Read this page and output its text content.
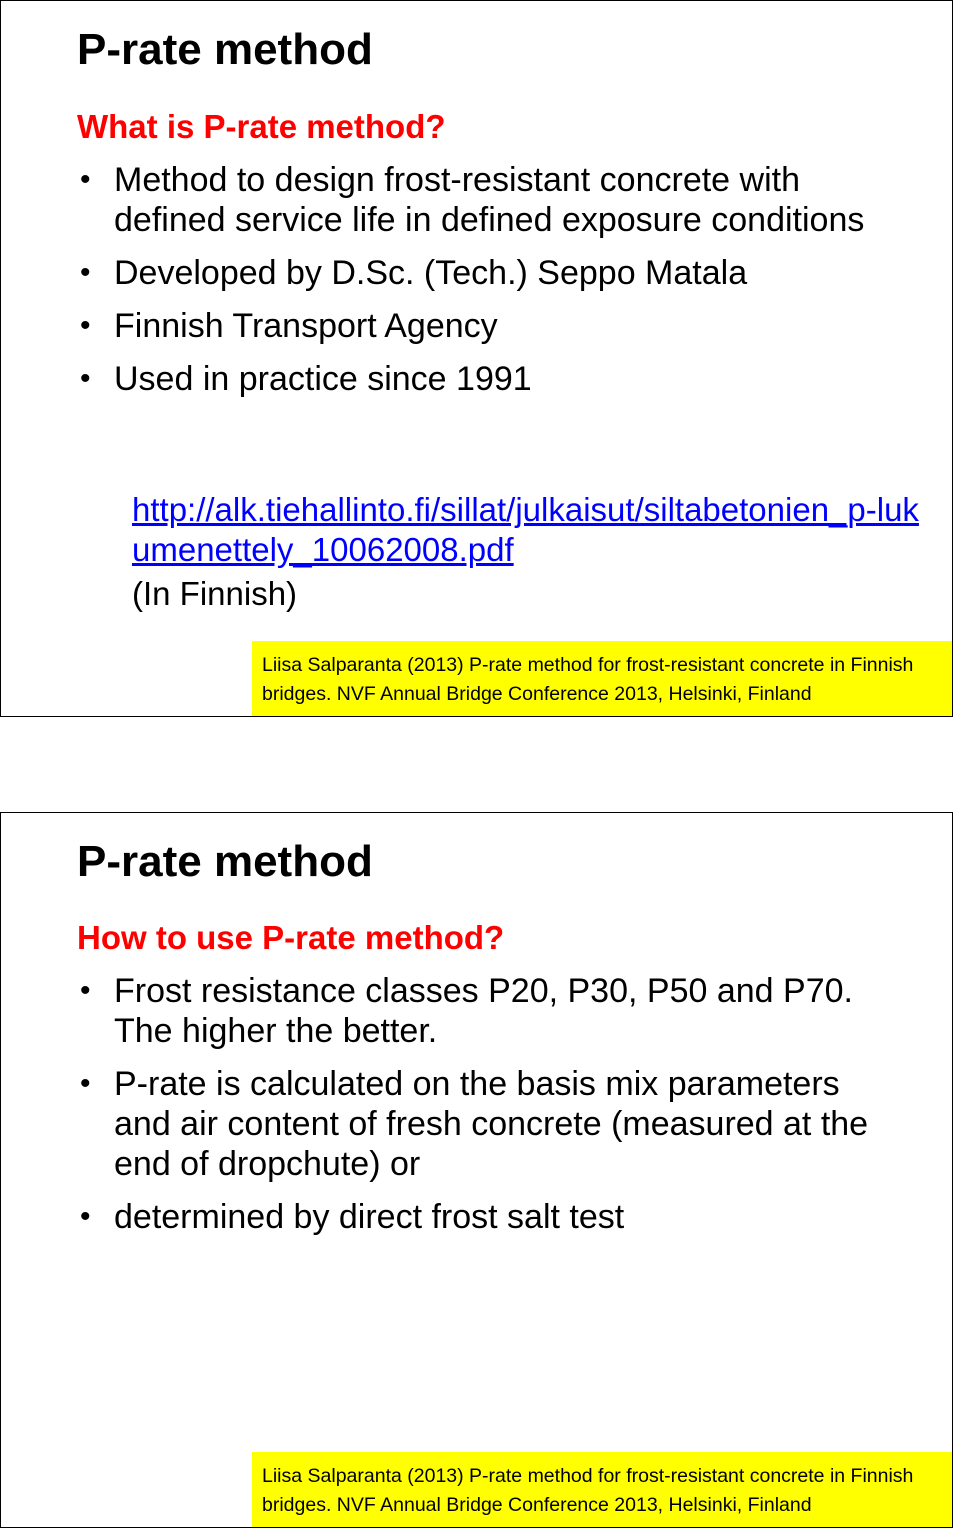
P-rate method
What is P-rate method?
• Method to design frost-resistant concrete with defined service life in defined exposure conditions
• Developed by D.Sc. (Tech.) Seppo Matala
• Finnish Transport Agency
• Used in practice since 1991
http://alk.tiehallinto.fi/sillat/julkaisut/siltabetonien_p-lukumenettely_10062008.pdf

(In Finnish)

Liisa Salparanta (2013) P-rate method for frost-resistant concrete in Finnish bridges. NVF Annual Bridge Conference 2013, Helsinki, Finland
P-rate method
How to use P-rate method?
• Frost resistance classes P20, P30, P50 and P70. The higher the better.
• P-rate is calculated on the basis mix parameters and air content of fresh concrete (measured at the end of dropchute) or
• determined by direct frost salt test
Liisa Salparanta (2013) P-rate method for frost-resistant concrete in Finnish bridges. NVF Annual Bridge Conference 2013, Helsinki, Finland
